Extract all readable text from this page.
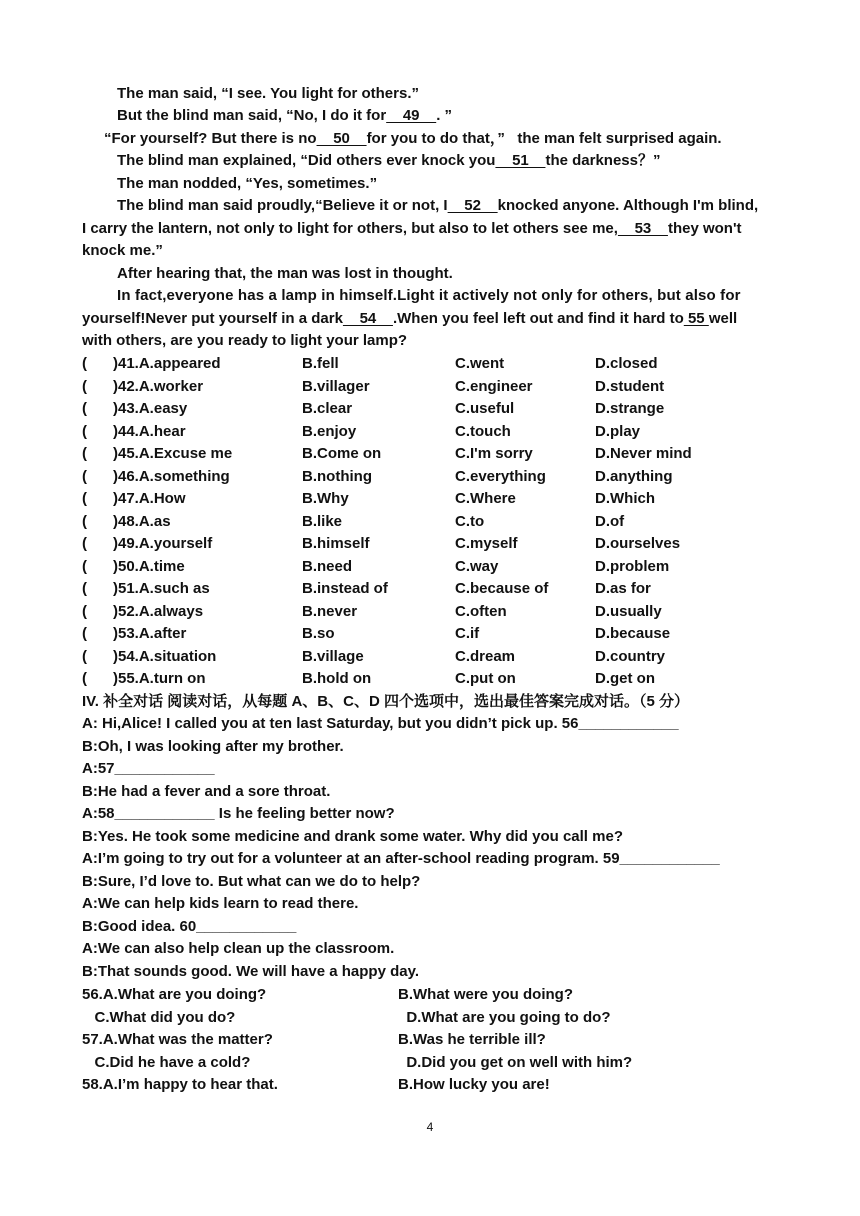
The man said, “I see. You light for others.”
But the blind man said, “No, I do it for    49    . ”
“For yourself? But there is no    50    for you to do that，”   the man felt surprised again.
The blind man explained, “Did others ever knock you    51    the darkness？”
The man nodded, “Yes, sometimes.”
The blind man said proudly,“Believe it or not, I    52    knocked anyone. Although I'm blind,
I carry the lantern, not only to light for others, but also to let others see me,    53    they won't
knock me.”
After hearing that, the man was lost in thought.
In fact,everyone has a lamp in himself.Light it actively not only for others, but also for
yourself!Never put yourself in a dark    54    .When you feel left out and find it hard to 55 well
with others, are you ready to light your lamp?
( )41.A.appeared	B.fell	C.went	D.closed
( )42.A.worker	B.villager	C.engineer	D.student
( )43.A.easy	B.clear	C.useful	D.strange
( )44.A.hear	B.enjoy	C.touch	D.play
( )45.A.Excuse me	B.Come on	C.I'm sorry	D.Never mind
( )46.A.something	B.nothing	C.everything	D.anything
( )47.A.How	B.Why	C.Where	D.Which
( )48.A.as	B.like	C.to	D.of
( )49.A.yourself	B.himself	C.myself	D.ourselves
( )50.A.time	B.need	C.way	D.problem
( )51.A.such as	B.instead of	C.because of	D.as for
( )52.A.always	B.never	C.often	D.usually
( )53.A.after	B.so	C.if	D.because
( )54.A.situation	B.village	C.dream	D.country
( )55.A.turn on	B.hold on	C.put on	D.get on
IV. 补全对话 阅读对话，从每题 A、B、C、D 四个选项中，选出最佳答案完成对话。（5 分）
A: Hi,Alice! I called you at ten last Saturday, but you didn’t pick up. 56____________
B:Oh, I was looking after my brother.
A:57____________
B:He had a fever and a sore throat.
A:58____________ Is he feeling better now?
B:Yes. He took some medicine and drank some water. Why did you call me?
A:I’m going to try out for a volunteer at an after-school reading program. 59____________
B:Sure, I’d love to. But what can we do to help?
A:We can help kids learn to read there.
B:Good idea. 60____________
A:We can also help clean up the classroom.
B:That sounds good. We will have a happy day.
56.A.What are you doing?	B.What were you doing?
C.What did you do?	D.What are you going to do?
57.A.What was the matter?	B.Was he terrible ill?
C.Did he have a cold?	D.Did you get on well with him?
58.A.I’m happy to hear that.	B.How lucky you are!
4
